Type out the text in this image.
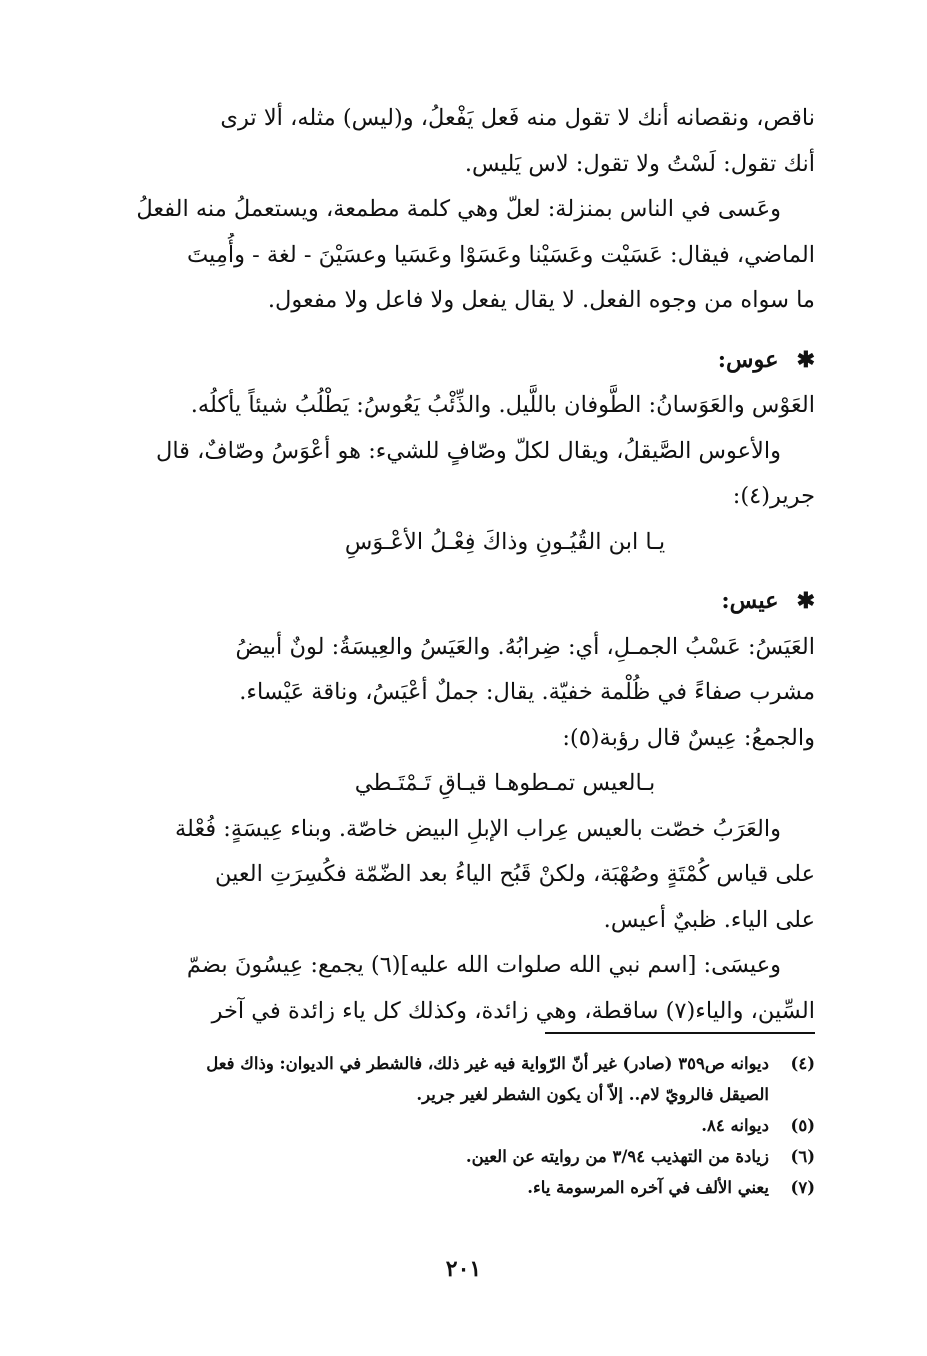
ناقص، ونقصانه أنك لا تقول منه فَعل يَفْعلُ، و(ليس) مثله، ألا ترى
أنك تقول: لَسْتُ ولا تقول: لاس يَليس.
وعَسى في الناس بمنزلة: لعلّ وهي كلمة مطمعة، ويستعملُ منه الفعلُ
الماضي، فيقال: عَسَيْت وعَسَيْنا وعَسَوْا وعَسَيا وعسَيْنَ - لغة - وأُمِيتَ
ما سواه من وجوه الفعل. لا يقال يفعل ولا فاعل ولا مفعول.
✱عوس:
العَوْس والعَوَسانُ: الطَّوفان باللَّيل. والذِّئْبُ يَعُوسُ: يَطْلُبُ شيئاً يأكلُه.
والأعوس الصَّيقلُ، ويقال لكلّ وصّافٍ للشيء: هو أعْوَسُ وصّافٌ، قال
جرير(٤):
يـا ابن القُيُـونِ وذاكَ فِعْـلُ الأعْـوَسِ
✱عيس:
العَيَسُ: عَسْبُ الجمـلِ، أي: ضِرابُهُ. والعَيَسُ والعِيسَةُ: لونٌ أبيضُ
مشرب صفاءً في ظُلْمة خفيّة. يقال: جملٌ أعْيَسُ، وناقة عَيْساء.
والجمعُ: عِيسٌ قال رؤبة(٥):
بـالعيس تمـطوهـا قيـاقِ تَـمْتَـطي
والعَرَبُ خصّت بالعيس عِراب الإبلِ البيض خاصّة. وبناء عِيسَةٍ: فُعْلة
على قياس كُمْتَةٍ وصُهْبَة، ولكنْ قَبُح الياءُ بعد الضّمّة فكُسِرَتِ العين
على الياء. ظبيٌ أعيس.
وعيسَى: [اسم نبي الله صلوات الله عليه](٦) يجمع: عِيسُونَ بضمّ
السِّين، والياء(٧) ساقطة، وهي زائدة، وكذلك كل ياء زائدة في آخر
(٤)
ديوانه ص٣٥٩ (صادر) غير أنّ الرّواية فيه غير ذلك، فالشطر في الديوان: وذاك فعل
الصيقل فالرويّ لام.. إلاّ أن يكون الشطر لغير جرير.
(٥)
ديوانه ٨٤.
(٦)
زيادة من التهذيب ٣/٩٤ من روايته عن العين.
(٧)
يعني الألف في آخره المرسومة ياء.
٢٠١
